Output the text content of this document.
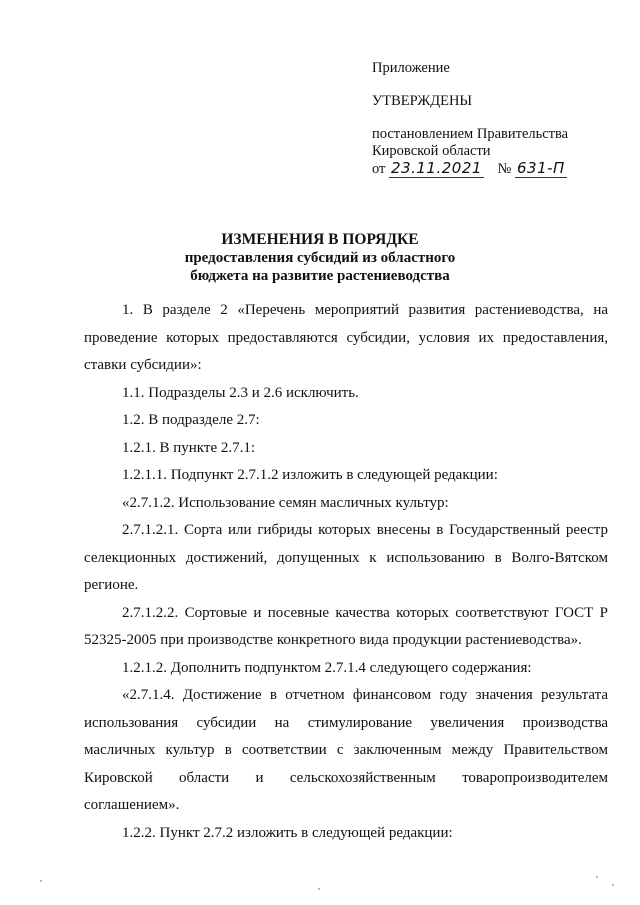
Приложение
УТВЕРЖДЕНЫ
постановлением Правительства
Кировской области
от 23.11.2021 № 631-П
ИЗМЕНЕНИЯ В ПОРЯДКЕ
предоставления субсидий из областного
бюджета на развитие растениеводства

1. В разделе 2 «Перечень мероприятий развития растениеводства, на проведение которых предоставляются субсидии, условия их предоставления, ставки субсидии»:

1.1. Подразделы 2.3 и 2.6 исключить.

1.2. В подразделе 2.7:

1.2.1. В пункте 2.7.1:

1.2.1.1. Подпункт 2.7.1.2 изложить в следующей редакции:

«2.7.1.2. Использование семян масличных культур:

2.7.1.2.1. Сорта или гибриды которых внесены в Государственный реестр селекционных достижений, допущенных к использованию в Волго-Вятском регионе.

2.7.1.2.2. Сортовые и посевные качества которых соответствуют ГОСТ Р 52325-2005 при производстве конкретного вида продукции растениеводства».

1.2.1.2. Дополнить подпунктом 2.7.1.4 следующего содержания:

«2.7.1.4. Достижение в отчетном финансовом году значения результата использования субсидии на стимулирование увеличения производства масличных культур в соответствии с заключенным между Правительством Кировской области и сельскохозяйственным товаропроизводителем соглашением».

1.2.2. Пункт 2.7.2 изложить в следующей редакции:
